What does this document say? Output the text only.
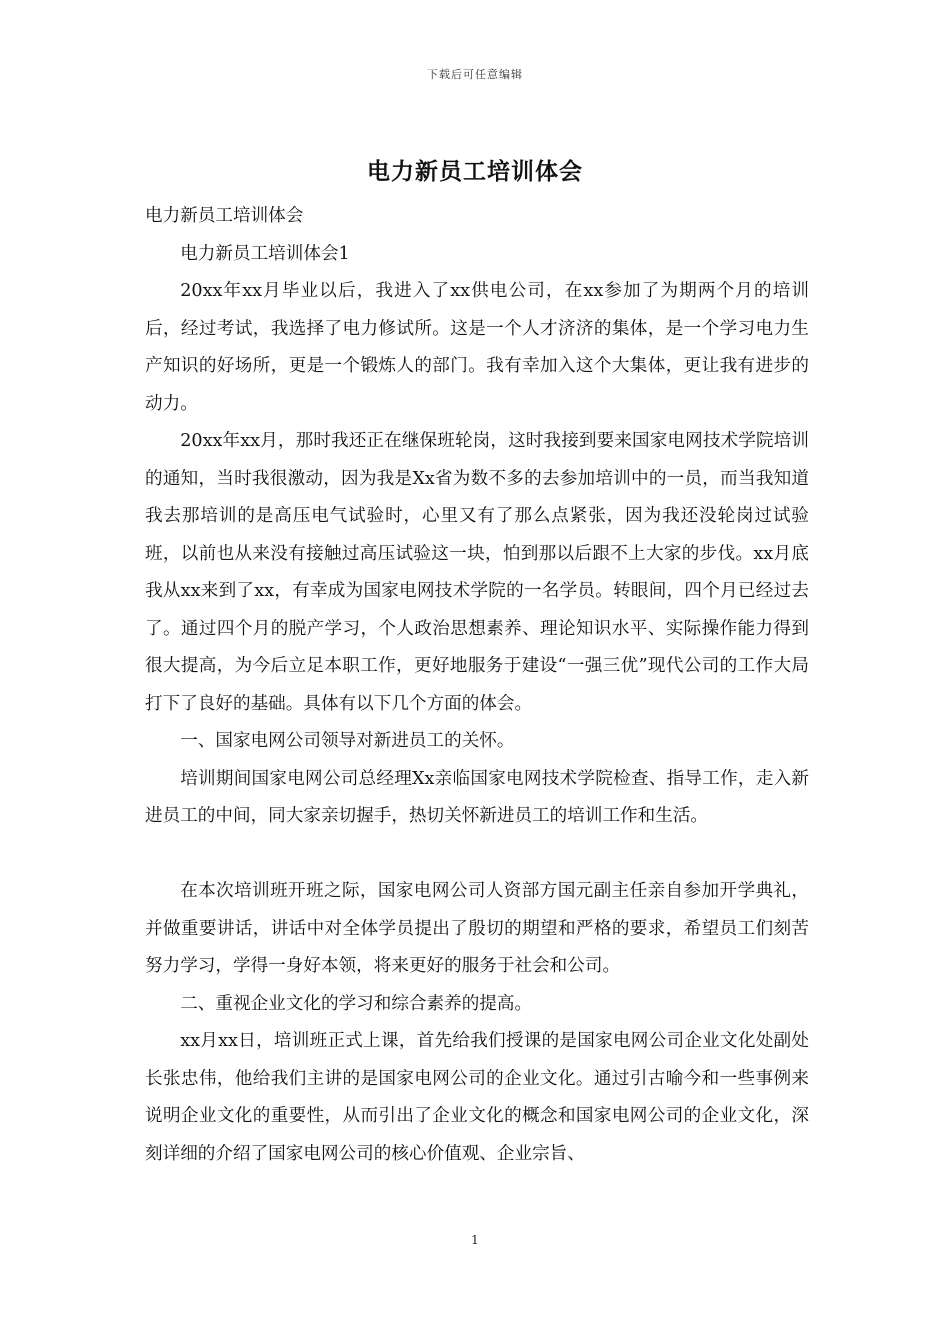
下载后可任意编辑
电力新员工培训体会

电力新员工培训体会

电力新员工培训体会1

20xx年xx月毕业以后，我进入了xx供电公司，在xx参加了为期两个月的培训后，经过考试，我选择了电力修试所。这是一个人才济济的集体，是一个学习电力生产知识的好场所，更是一个锻炼人的部门。我有幸加入这个大集体，更让我有进步的动力。

20xx年xx月，那时我还正在继保班轮岗，这时我接到要来国家电网技术学院培训的通知，当时我很激动，因为我是Xx省为数不多的去参加培训中的一员，而当我知道我去那培训的是高压电气试验时，心里又有了那么点紧张，因为我还没轮岗过试验班，以前也从来没有接触过高压试验这一块，怕到那以后跟不上大家的步伐。xx月底我从xx来到了xx，有幸成为国家电网技术学院的一名学员。转眼间，四个月已经过去了。通过四个月的脱产学习，个人政治思想素养、理论知识水平、实际操作能力得到很大提高，为今后立足本职工作，更好地服务于建设“一强三优”现代公司的工作大局打下了良好的基础。具体有以下几个方面的体会。

一、国家电网公司领导对新进员工的关怀。

培训期间国家电网公司总经理Xx亲临国家电网技术学院检查、指导工作，走入新进员工的中间，同大家亲切握手，热切关怀新进员工的培训工作和生活。

在本次培训班开班之际，国家电网公司人资部方国元副主任亲自参加开学典礼，并做重要讲话，讲话中对全体学员提出了殷切的期望和严格的要求，希望员工们刻苦努力学习，学得一身好本领，将来更好的服务于社会和公司。

二、重视企业文化的学习和综合素养的提高。

xx月xx日，培训班正式上课，首先给我们授课的是国家电网公司企业文化处副处长张忠伟，他给我们主讲的是国家电网公司的企业文化。通过引古喻今和一些事例来说明企业文化的重要性，从而引出了企业文化的概念和国家电网公司的企业文化，深刻详细的介绍了国家电网公司的核心价值观、企业宗旨、

1
